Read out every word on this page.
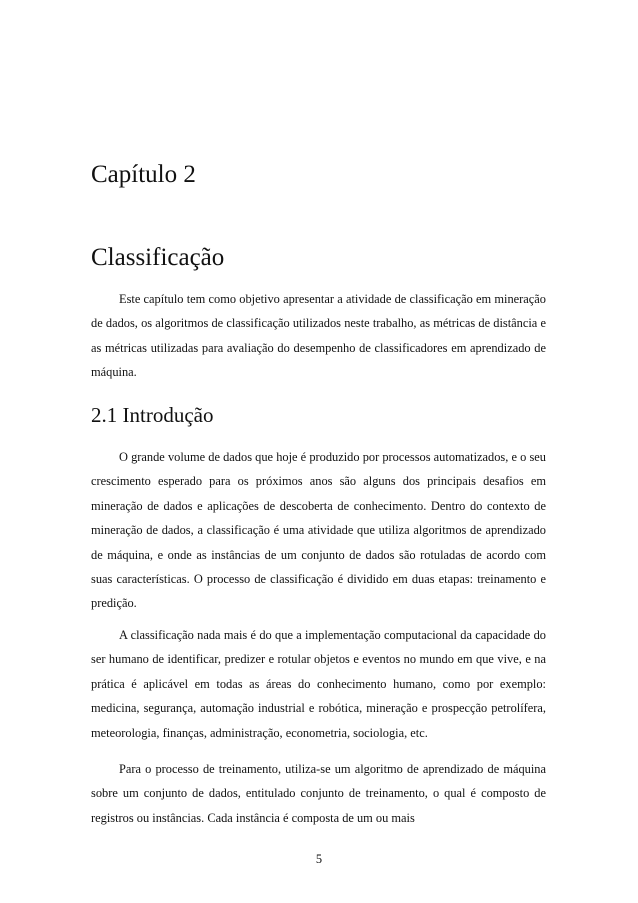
Capítulo 2
Classificação

Este capítulo tem como objetivo apresentar a atividade de classificação em mineração de dados, os algoritmos de classificação utilizados neste trabalho, as métricas de distância e as métricas utilizadas para avaliação do desempenho de classificadores em aprendizado de máquina.

2.1 Introdução

O grande volume de dados que hoje é produzido por processos automatizados, e o seu crescimento esperado para os próximos anos são alguns dos principais desafios em mineração de dados e aplicações de descoberta de conhecimento. Dentro do contexto de mineração de dados, a classificação é uma atividade que utiliza algoritmos de aprendizado de máquina, e onde as instâncias de um conjunto de dados são rotuladas de acordo com suas características. O processo de classificação é dividido em duas etapas: treinamento e predição.

A classificação nada mais é do que a implementação computacional da capacidade do ser humano de identificar, predizer e rotular objetos e eventos no mundo em que vive, e na prática é aplicável em todas as áreas do conhecimento humano, como por exemplo: medicina, segurança, automação industrial e robótica, mineração e prospecção petrolífera, meteorologia, finanças, administração, econometria, sociologia, etc.

Para o processo de treinamento, utiliza-se um algoritmo de aprendizado de máquina sobre um conjunto de dados, entitulado conjunto de treinamento, o qual é composto de registros ou instâncias. Cada instância é composta de um ou mais

5
